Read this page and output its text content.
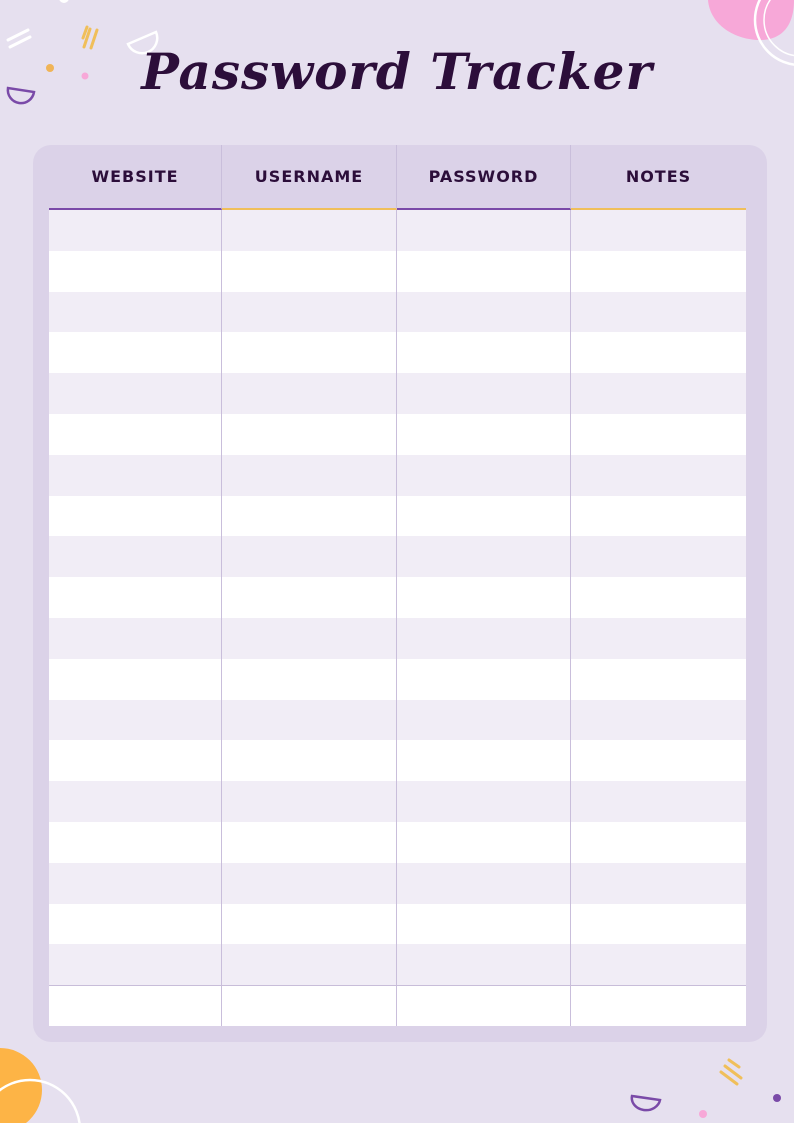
Password Tracker
WEBSITE	USERNAME	PASSWORD	NOTES
